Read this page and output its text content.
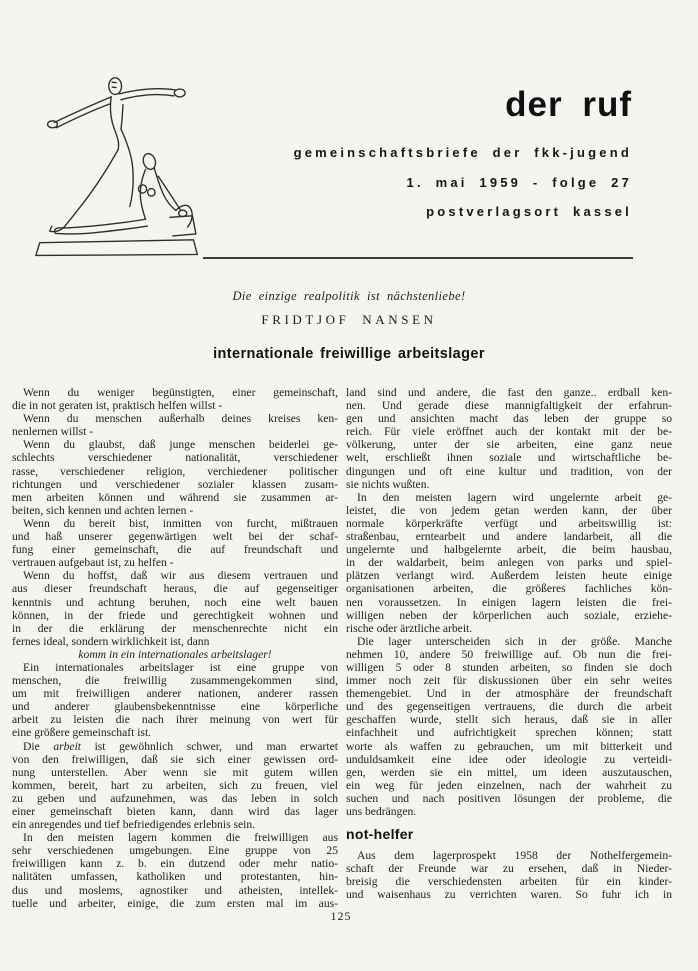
der ruf
gemeinschaftsbriefe der fkk-jugend
1. mai 1959 - folge 27
postverlagsort kassel
Die einzige realpolitik ist nächstenliebe!
FRIDTJOF NANSEN
internationale freiwillige arbeitslager
Wenn du weniger begünstigten, einer gemeinschaft,
die in not geraten ist, praktisch helfen willst -
Wenn du menschen außerhalb deines kreises ken-
nenlernen willst -
Wenn du glaubst, daß junge menschen beiderlei ge-
schlechts verschiedener nationalität, verschiedener
rasse, verschiedener religion, verchiedener politischer
richtungen und verschiedener sozialer klassen zusam-
men arbeiten können und während sie zusammen ar-
beiten, sich kennen und achten lernen -
Wenn du bereit bist, inmitten von furcht, mißtrauen
und haß unserer gegenwärtigen welt bei der schaf-
fung einer gemeinschaft, die auf freundschaft und
vertrauen aufgebaut ist, zu helfen -
Wenn du hoffst, daß wir aus diesem vertrauen und
aus dieser freundschaft heraus, die auf gegenseitiger
kenntnis und achtung beruhen, noch eine welt bauen
können, in der friede und gerechtigkeit wohnen und
in der die erklärung der menschenrechte nicht ein
fernes ideal, sondern wirklichkeit ist, dann
komm in ein internationales arbeitslager!
Ein internationales arbeitslager ist eine gruppe von
menschen, die freiwillig zusammengekommen sind,
um mit freiwilligen anderer nationen, anderer rassen
und anderer glaubensbekenntnisse eine körperliche
arbeit zu leisten die nach ihrer meinung von wert für
eine größere gemeinschaft ist.
Die arbeit ist gewöhnlich schwer, und man erwartet
von den freiwilligen, daß sie sich einer gewissen ord-
nung unterstellen. Aber wenn sie mit gutem willen
kommen, bereit, hart zu arbeiten, sich zu freuen, viel
zu geben und aufzunehmen, was das leben in solch
einer gemeinschaft bieten kann, dann wird das lager
ein anregendes und tief befriedigendes erlebnis sein.
In den meisten lagern kommen die freiwilligen aus
sehr verschiedenen umgebungen. Eine gruppe von 25
freiwilligen kann z. b. ein dutzend oder mehr natio-
nalitäten umfassen, katholiken und protestanten, hin-
dus und moslems, agnostiker und atheisten, intellek-
tuelle und arbeiter, einige, die zum ersten mal im aus-
land sind und andere, die fast den ganze.. erdball ken-
nen. Und gerade diese mannigfaltigkeit der erfahrun-
gen und ansichten macht das leben der gruppe so
reich. Für viele eröffnet auch der kontakt mit der be-
völkerung, unter der sie arbeiten, eine ganz neue
welt, erschließt ihnen soziale und wirtschaftliche be-
dingungen und oft eine kultur und tradition, von der
sie nichts wußten.
In den meisten lagern wird ungelernte arbeit ge-
leistet, die von jedem getan werden kann, der über
normale körperkräfte verfügt und arbeitswillig ist:
straßenbau, erntearbeit und andere landarbeit, all die
ungelernte und halbgelernte arbeit, die beim hausbau,
in der waldarbeit, beim anlegen von parks und spiel-
plätzen verlangt wird. Außerdem leisten heute einige
organisationen arbeiten, die größeres fachliches kön-
nen voraussetzen. In einigen lagern leisten die frei-
willigen neben der körperlichen auch soziale, erziehe-
rische oder ärztliche arbeit.
Die lager unterscheiden sich in der größe. Manche
nehmen 10, andere 50 freiwillige auf. Ob nun die frei-
willigen 5 oder 8 stunden arbeiten, so finden sie doch
immer noch zeit für diskussionen über ein sehr weites
themengebiet. Und in der atmosphäre der freundschaft
und des gegenseitigen vertrauens, die durch die arbeit
geschaffen wurde, stellt sich heraus, daß sie in aller
einfachheit und aufrichtigkeit sprechen können; statt
worte als waffen zu gebrauchen, um mit bitterkeit und
unduldsamkeit eine idee oder ideologie zu verteidi-
gen, werden sie ein mittel, um ideen auszutauschen,
ein weg für jeden einzelnen, nach der wahrheit zu
suchen und nach positiven lösungen der probleme, die
uns bedrängen.
not-helfer
Aus dem lagerprospekt 1958 der Nothelfergemein-
schaft der Freunde war zu ersehen, daß in Nieder-
breisig die verschiedensten arbeiten für ein kinder-
und waisenhaus zu verrichten waren. So fuhr ich in
125
